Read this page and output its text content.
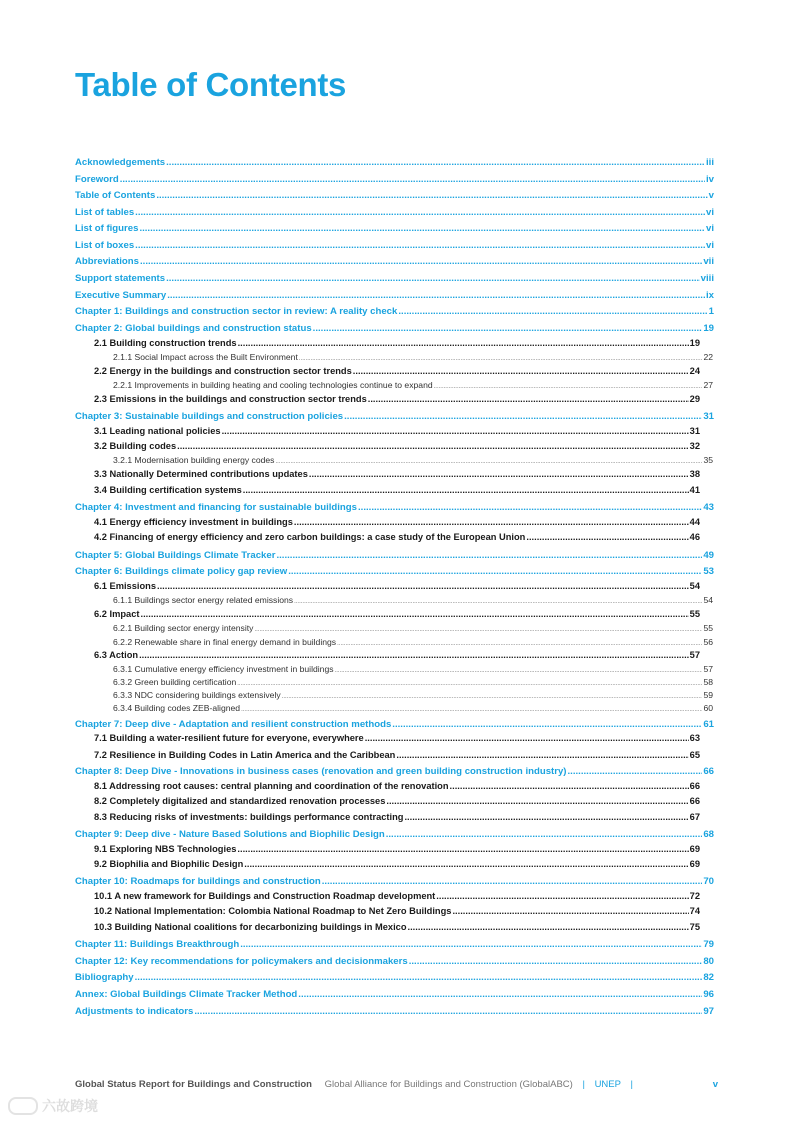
Table of Contents
Acknowledgements .....	iii
Foreword .....	iv
Table of Contents .....	v
List of tables .....	vi
List of figures .....	vi
List of boxes .....	vi
Abbreviations .....	vii
Support statements .....	viii
Executive Summary .....	ix
Chapter 1: Buildings and construction sector in review: A reality check .....	1
Chapter 2: Global buildings and construction status .....	19
2.1 Building construction trends .....	19
2.1.1 Social Impact across the Built Environment .....	22
2.2 Energy in the buildings and construction sector trends .....	24
2.2.1 Improvements in building heating and cooling technologies continue to expand .....	27
2.3 Emissions in the buildings and construction sector trends .....	29
Chapter 3: Sustainable buildings and construction policies .....	31
3.1 Leading national policies .....	31
3.2 Building codes .....	32
3.2.1 Modernisation building energy codes .....	35
3.3 Nationally Determined contributions updates .....	38
3.4 Building certification systems .....	41
Chapter 4: Investment and financing for sustainable buildings .....	43
4.1 Energy efficiency investment in buildings .....	44
4.2 Financing of energy efficiency and zero carbon buildings: a case study of the European Union .....	46
Chapter 5: Global Buildings Climate Tracker .....	49
Chapter 6: Buildings climate policy gap review .....	53
6.1 Emissions .....	54
6.1.1 Buildings sector energy related emissions .....	54
6.2 Impact .....	55
6.2.1 Building sector energy intensity .....	55
6.2.2 Renewable share in final energy demand in buildings .....	56
6.3 Action .....	57
6.3.1 Cumulative energy efficiency investment in buildings .....	57
6.3.2 Green building certification .....	58
6.3.3 NDC considering buildings extensively .....	59
6.3.4 Building codes ZEB-aligned .....	60
Chapter 7: Deep dive - Adaptation and resilient construction methods .....	61
7.1 Building a water-resilient future for everyone, everywhere .....	63
7.2 Resilience in Building Codes in Latin America and the Caribbean .....	65
Chapter 8: Deep Dive - Innovations in business cases (renovation and green building construction industry) .....	66
8.1 Addressing root causes: central planning and coordination of the renovation .....	66
8.2 Completely digitalized and standardized renovation processes .....	66
8.3 Reducing risks of investments: buildings performance contracting .....	67
Chapter 9: Deep dive - Nature Based Solutions and Biophilic Design .....	68
9.1 Exploring NBS Technologies .....	69
9.2 Biophilia and Biophilic Design .....	69
Chapter 10: Roadmaps for buildings and construction .....	70
10.1 A new framework for Buildings and Construction Roadmap development .....	72
10.2 National Implementation: Colombia National Roadmap to Net Zero Buildings .....	74
10.3 Building National coalitions for decarbonizing buildings in Mexico .....	75
Chapter 11: Buildings Breakthrough .....	79
Chapter 12: Key recommendations for policymakers and decisionmakers .....	80
Bibliography .....	82
Annex: Global Buildings Climate Tracker Method .....	96
Adjustments to indicators .....	97
Global Status Report for Buildings and Construction Global Alliance for Buildings and Construction (GlobalABC) | UNEP |	v
六故跨境
